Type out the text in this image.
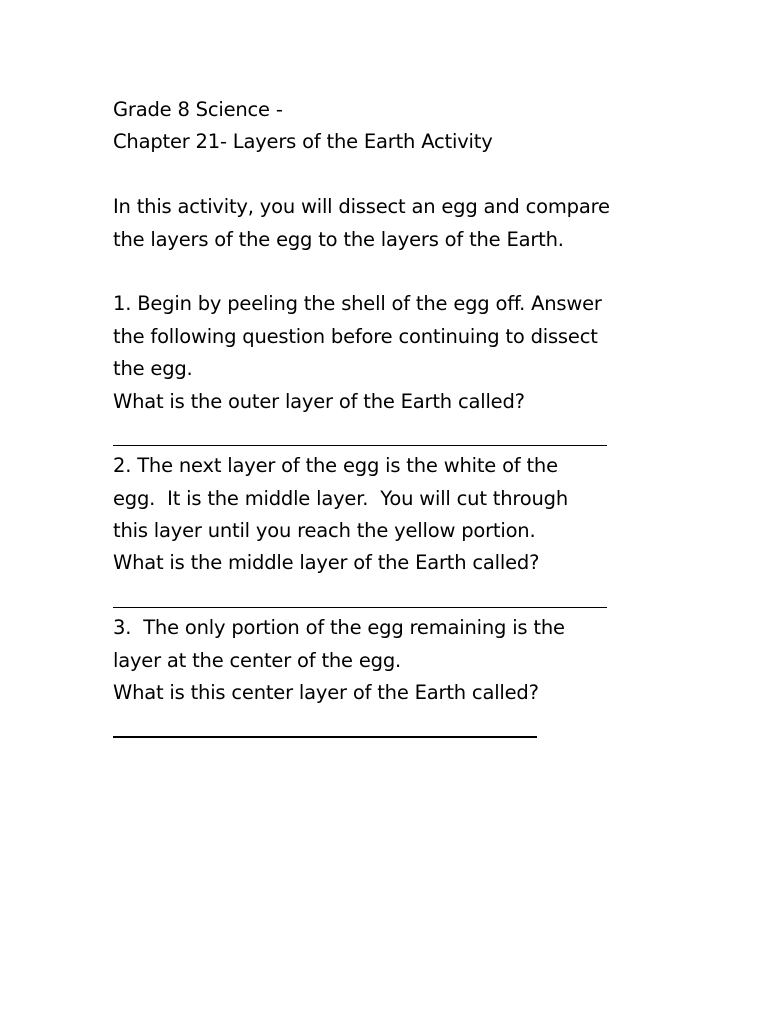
Grade 8 Science -
Chapter 21- Layers of the Earth Activity
In this activity, you will dissect an egg and compare
the layers of the egg to the layers of the Earth.
1. Begin by peeling the shell of the egg off. Answer
the following question before continuing to dissect
the egg.
What is the outer layer of the Earth called?
2. The next layer of the egg is the white of the
egg.  It is the middle layer.  You will cut through
this layer until you reach the yellow portion.
What is the middle layer of the Earth called?
3.  The only portion of the egg remaining is the
layer at the center of the egg.
What is this center layer of the Earth called?
